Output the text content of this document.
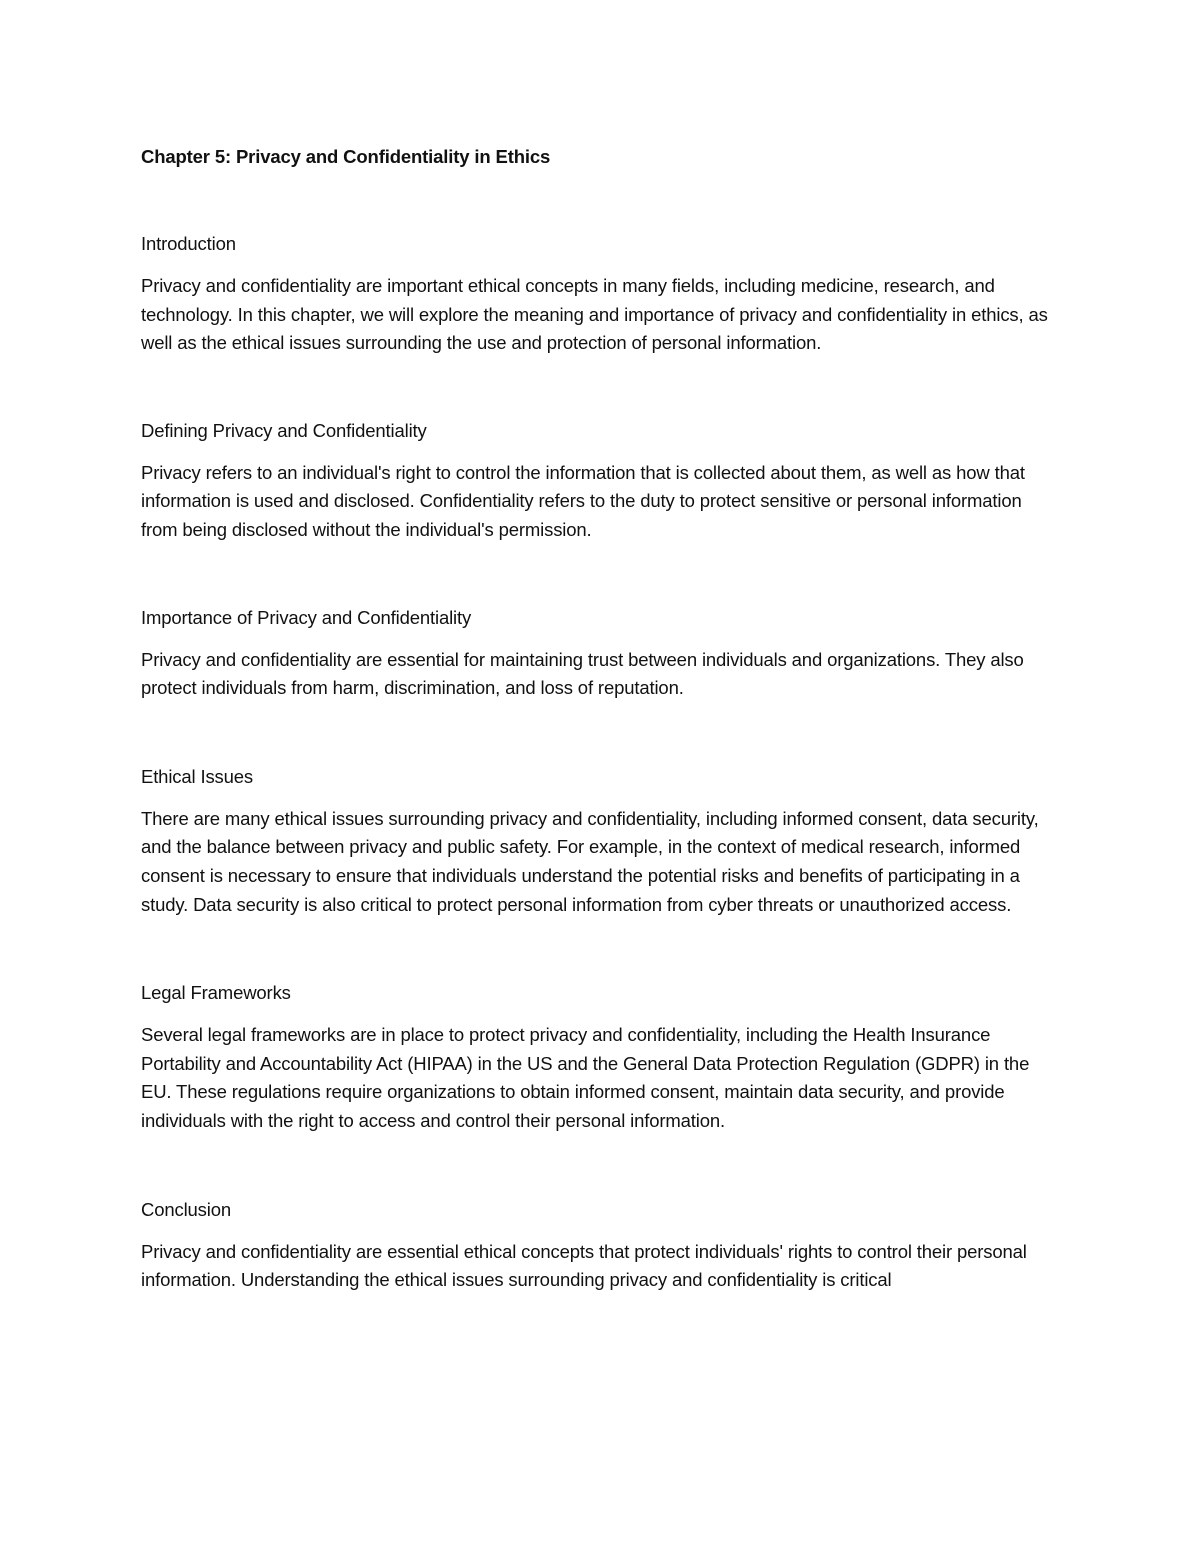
Chapter 5: Privacy and Confidentiality in Ethics
Introduction

Privacy and confidentiality are important ethical concepts in many fields, including medicine, research, and technology. In this chapter, we will explore the meaning and importance of privacy and confidentiality in ethics, as well as the ethical issues surrounding the use and protection of personal information.

Defining Privacy and Confidentiality

Privacy refers to an individual's right to control the information that is collected about them, as well as how that information is used and disclosed. Confidentiality refers to the duty to protect sensitive or personal information from being disclosed without the individual's permission.

Importance of Privacy and Confidentiality

Privacy and confidentiality are essential for maintaining trust between individuals and organizations. They also protect individuals from harm, discrimination, and loss of reputation.

Ethical Issues

There are many ethical issues surrounding privacy and confidentiality, including informed consent, data security, and the balance between privacy and public safety. For example, in the context of medical research, informed consent is necessary to ensure that individuals understand the potential risks and benefits of participating in a study. Data security is also critical to protect personal information from cyber threats or unauthorized access.

Legal Frameworks

Several legal frameworks are in place to protect privacy and confidentiality, including the Health Insurance Portability and Accountability Act (HIPAA) in the US and the General Data Protection Regulation (GDPR) in the EU. These regulations require organizations to obtain informed consent, maintain data security, and provide individuals with the right to access and control their personal information.

Conclusion

Privacy and confidentiality are essential ethical concepts that protect individuals' rights to control their personal information. Understanding the ethical issues surrounding privacy and confidentiality is critical
